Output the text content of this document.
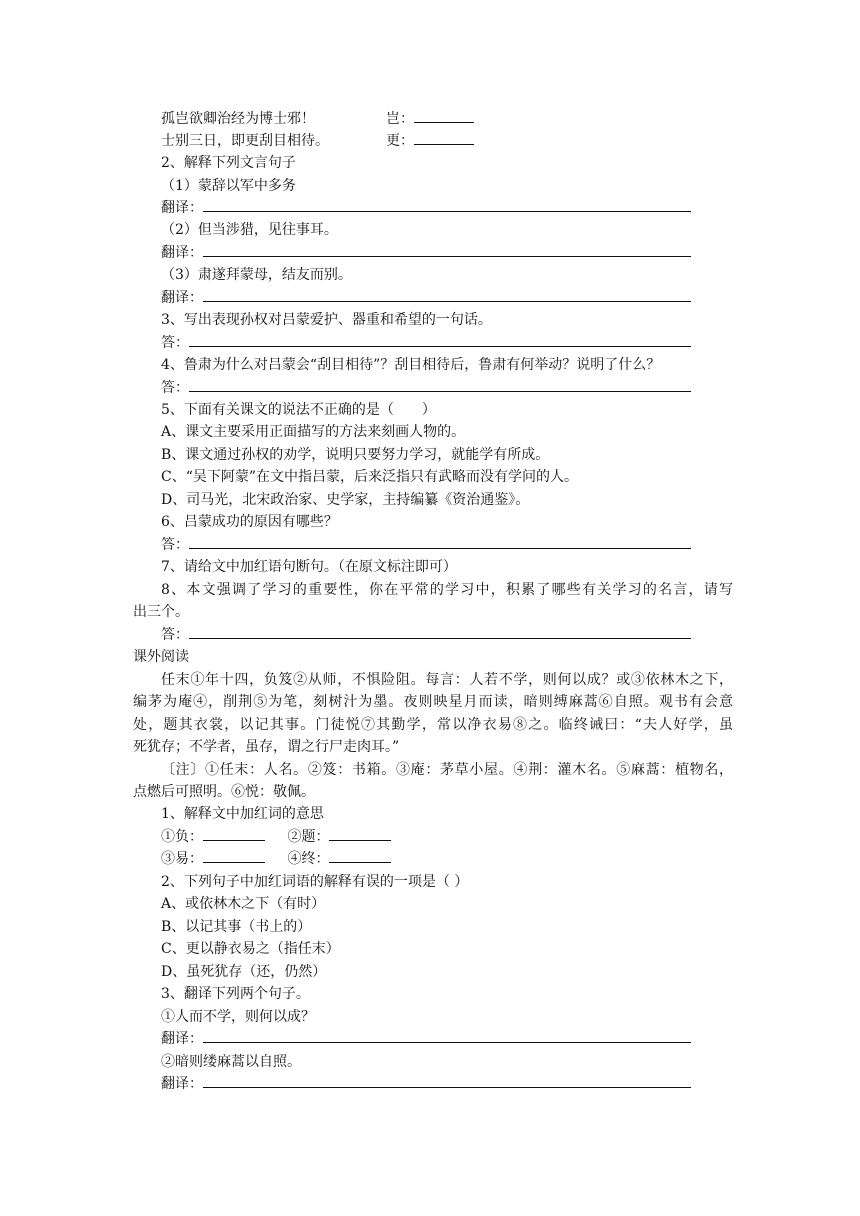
孤岂欲卿治经为博士邪！	岂：
士别三日，即更刮目相待。	更：
2、解释下列文言句子
（1）蒙辞以军中多务
翻译：
（2）但当涉猎，见往事耳。
翻译：
（3）肃遂拜蒙母，结友而别。
翻译：
3、写出表现孙权对吕蒙爱护、器重和希望的一句话。
答：
4、鲁肃为什么对吕蒙会“刮目相待”？刮目相待后，鲁肃有何举动？说明了什么？
答：
5、下面有关课文的说法不正确的是（　　）
A、课文主要采用正面描写的方法来刻画人物的。
B、课文通过孙权的劝学，说明只要努力学习，就能学有所成。
C、“吴下阿蒙”在文中指吕蒙，后来泛指只有武略而没有学问的人。
D、司马光，北宋政治家、史学家，主持编纂《资治通鉴》。
6、吕蒙成功的原因有哪些？
答：
7、请给文中加红语句断句。（在原文标注即可）
8、本文强调了学习的重要性，你在平常的学习中，积累了哪些有关学习的名言，请写
出三个。
答：
课外阅读
任末①年十四，负笈②从师，不惧险阻。每言：人若不学，则何以成？或③依林木之下，
编茅为庵④，削荆⑤为笔，刻树汁为墨。夜则映星月而读，暗则缚麻蒿⑥自照。观书有会意
处，题其衣裳，以记其事。门徒悦⑦其勤学，常以净衣易⑧之。临终诫曰：“夫人好学，虽
死犹存；不学者，虽存，谓之行尸走肉耳。”
〔注〕①任末：人名。②笈：书箱。③庵：茅草小屋。④荆：灌木名。⑤麻蒿：植物名，
点燃后可照明。⑥悦：敬佩。
1、解释文中加红词的意思
①负：	②题：
③易：	④终：
2、下列句子中加红词语的解释有误的一项是（ ）
A、或依林木之下（有时）
B、以记其事（书上的）
C、更以静衣易之（指任末）
D、虽死犹存（还，仍然）
3、翻译下列两个句子。
①人而不学，则何以成？
翻译：
②暗则缕麻蒿以自照。
翻译：
